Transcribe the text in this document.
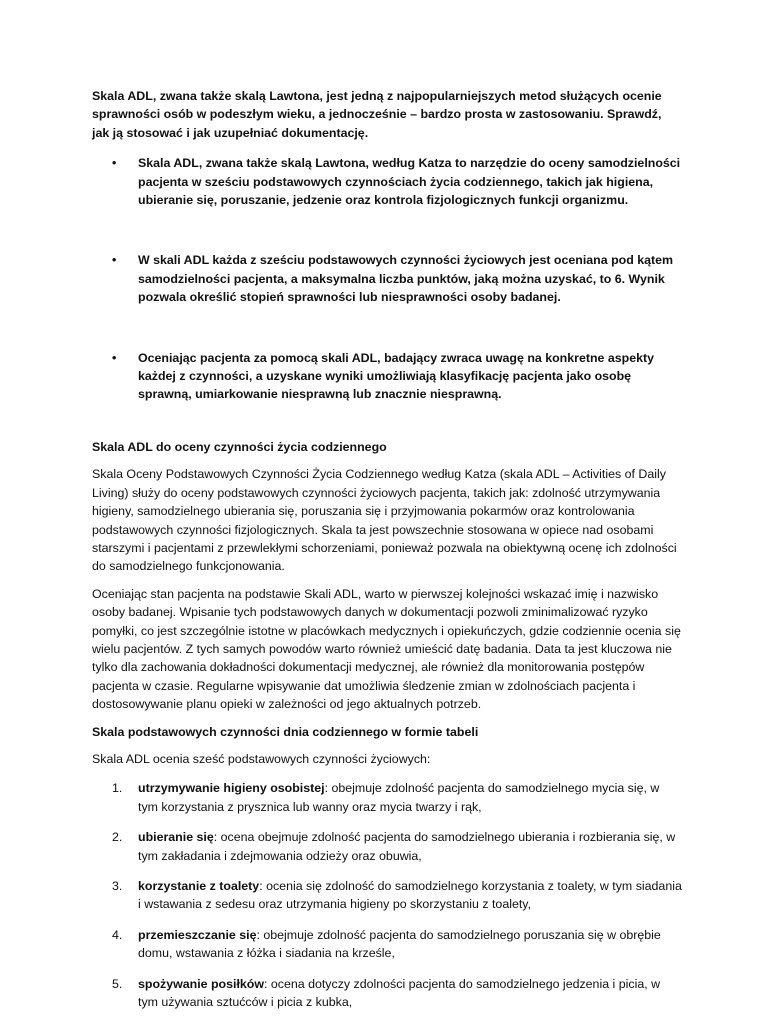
Skala ADL, zwana także skalą Lawtona, jest jedną z najpopularniejszych metod służących ocenie sprawności osób w podeszłym wieku, a jednocześnie – bardzo prosta w zastosowaniu. Sprawdź, jak ją stosować i jak uzupełniać dokumentację.

• Skala ADL, zwana także skalą Lawtona, według Katza to narzędzie do oceny samodzielności pacjenta w sześciu podstawowych czynnościach życia codziennego, takich jak higiena, ubieranie się, poruszanie, jedzenie oraz kontrola fizjologicznych funkcji organizmu.
• W skali ADL każda z sześciu podstawowych czynności życiowych jest oceniana pod kątem samodzielności pacjenta, a maksymalna liczba punktów, jaką można uzyskać, to 6. Wynik pozwala określić stopień sprawności lub niesprawności osoby badanej.
• Oceniając pacjenta za pomocą skali ADL, badający zwraca uwagę na konkretne aspekty każdej z czynności, a uzyskane wyniki umożliwiają klasyfikację pacjenta jako osobę sprawną, umiarkowanie niesprawną lub znacznie niesprawną.

Skala ADL do oceny czynności życia codziennego

Skala Oceny Podstawowych Czynności Życia Codziennego według Katza (skala ADL – Activities of Daily Living) służy do oceny podstawowych czynności życiowych pacjenta, takich jak: zdolność utrzymywania higieny, samodzielnego ubierania się, poruszania się i przyjmowania pokarmów oraz kontrolowania podstawowych czynności fizjologicznych. Skala ta jest powszechnie stosowana w opiece nad osobami starszymi i pacjentami z przewlekłymi schorzeniami, ponieważ pozwala na obiektywną ocenę ich zdolności do samodzielnego funkcjonowania.

Oceniając stan pacjenta na podstawie Skali ADL, warto w pierwszej kolejności wskazać imię i nazwisko osoby badanej. Wpisanie tych podstawowych danych w dokumentacji pozwoli zminimalizować ryzyko pomyłki, co jest szczególnie istotne w placówkach medycznych i opiekuńczych, gdzie codziennie ocenia się wielu pacjentów. Z tych samych powodów warto również umieścić datę badania. Data ta jest kluczowa nie tylko dla zachowania dokładności dokumentacji medycznej, ale również dla monitorowania postępów pacjenta w czasie. Regularne wpisywanie dat umożliwia śledzenie zmian w zdolnościach pacjenta i dostosowywanie planu opieki w zależności od jego aktualnych potrzeb.

Skala podstawowych czynności dnia codziennego w formie tabeli

Skala ADL ocenia sześć podstawowych czynności życiowych:

1. utrzymywanie higieny osobistej: obejmuje zdolność pacjenta do samodzielnego mycia się, w tym korzystania z prysznica lub wanny oraz mycia twarzy i rąk,
2. ubieranie się: ocena obejmuje zdolność pacjenta do samodzielnego ubierania i rozbierania się, w tym zakładania i zdejmowania odzieży oraz obuwia,
3. korzystanie z toalety: ocenia się zdolność do samodzielnego korzystania z toalety, w tym siadania i wstawania z sedesu oraz utrzymania higieny po skorzystaniu z toalety,
4. przemieszczanie się: obejmuje zdolność pacjenta do samodzielnego poruszania się w obrębie domu, wstawania z łóżka i siadania na krześle,
5. spożywanie posiłków: ocena dotyczy zdolności pacjenta do samodzielnego jedzenia i picia, w tym używania sztućców i picia z kubka,
